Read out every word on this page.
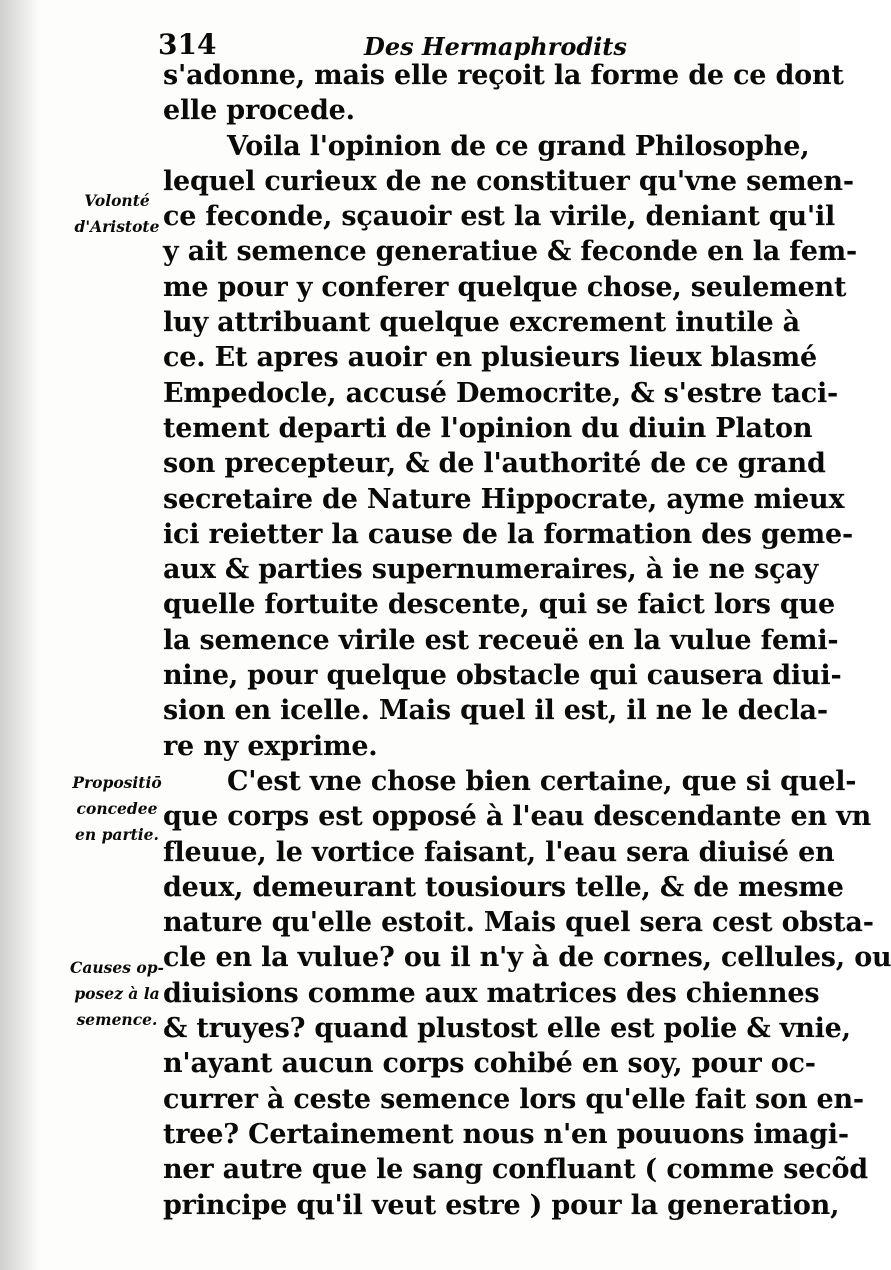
314	Des Hermaphrodits
Volonté
d'Aristote
Propositiō
concedee
en partie.
Causes op-
posez à la
semence.
s'adonne, mais elle reçoit la forme de ce dont
elle procede.
Voila l'opinion de ce grand Philosophe,
lequel curieux de ne constituer qu'vne semen-
ce feconde, sçauoir est la virile, deniant qu'il
y ait semence generatiue & feconde en la fem-
me pour y conferer quelque chose, seulement
luy attribuant quelque excrement inutile à
ce. Et apres auoir en plusieurs lieux blasmé
Empedocle, accusé Democrite, & s'estre taci-
tement departi de l'opinion du diuin Platon
son precepteur, & de l'authorité de ce grand
secretaire de Nature Hippocrate, ayme mieux
ici reietter la cause de la formation des geme-
aux & parties supernumeraires, à ie ne sçay
quelle fortuite descente, qui se faict lors que
la semence virile est receuë en la vulue femi-
nine, pour quelque obstacle qui causera diui-
sion en icelle. Mais quel il est, il ne le decla-
re ny exprime.
C'est vne chose bien certaine, que si quel-
que corps est opposé à l'eau descendante en vn
fleuue, le vortice faisant, l'eau sera diuisé en
deux, demeurant tousiours telle, & de mesme
nature qu'elle estoit. Mais quel sera cest obsta-
cle en la vulue? ou il n'y à de cornes, cellules, ou
diuisions comme aux matrices des chiennes
& truyes? quand plustost elle est polie & vnie,
n'ayant aucun corps cohibé en soy, pour oc-
currer à ceste semence lors qu'elle fait son en-
tree? Certainement nous n'en pouuons imagi-
ner autre que le sang confluant ( comme secõd
principe qu'il veut estre ) pour la generation,
